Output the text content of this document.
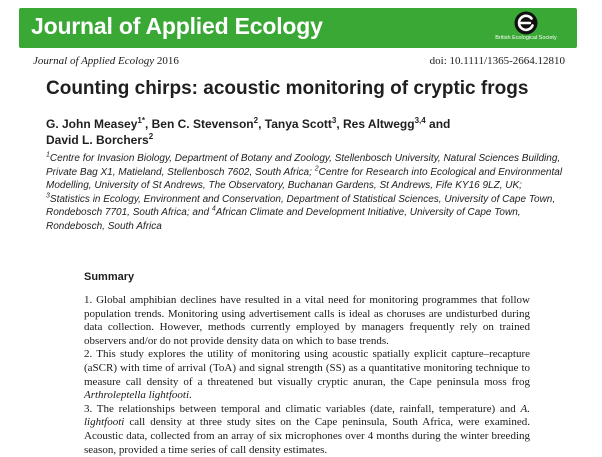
Journal of Applied Ecology	British Ecological Society
Journal of Applied Ecology 2016	doi: 10.1111/1365-2664.12810
Counting chirps: acoustic monitoring of cryptic frogs

G. John Measey$^{1*}$, Ben C. Stevenson$^2$, Tanya Scott$^3$, Res Altwegg$^{3,4}$ and
David L. Borchers$^2$

$^1$Centre for Invasion Biology, Department of Botany and Zoology, Stellenbosch University, Natural Sciences Building, Private Bag X1, Matieland, Stellenbosch 7602, South Africa; $^2$Centre for Research into Ecological and Environmental Modelling, University of St Andrews, The Observatory, Buchanan Gardens, St Andrews, Fife KY16 9LZ, UK; $^3$Statistics in Ecology, Environment and Conservation, Department of Statistical Sciences, University of Cape Town, Rondebosch 7701, South Africa; and $^4$African Climate and Development Initiative, University of Cape Town, Rondebosch, South Africa

Summary

1. Global amphibian declines have resulted in a vital need for monitoring programmes that follow population trends. Monitoring using advertisement calls is ideal as choruses are undisturbed during data collection. However, methods currently employed by managers frequently rely on trained observers and/or do not provide density data on which to base trends.

2. This study explores the utility of monitoring using acoustic spatially explicit capture–recapture (aSCR) with time of arrival (ToA) and signal strength (SS) as a quantitative monitoring technique to measure call density of a threatened but visually cryptic anuran, the Cape peninsula moss frog Arthroleptella lightfooti.

3. The relationships between temporal and climatic variables (date, rainfall, temperature) and A. lightfooti call density at three study sites on the Cape peninsula, South Africa, were examined. Acoustic data, collected from an array of six microphones over 4 months during the winter breeding season, provided a time series of call density estimates.
